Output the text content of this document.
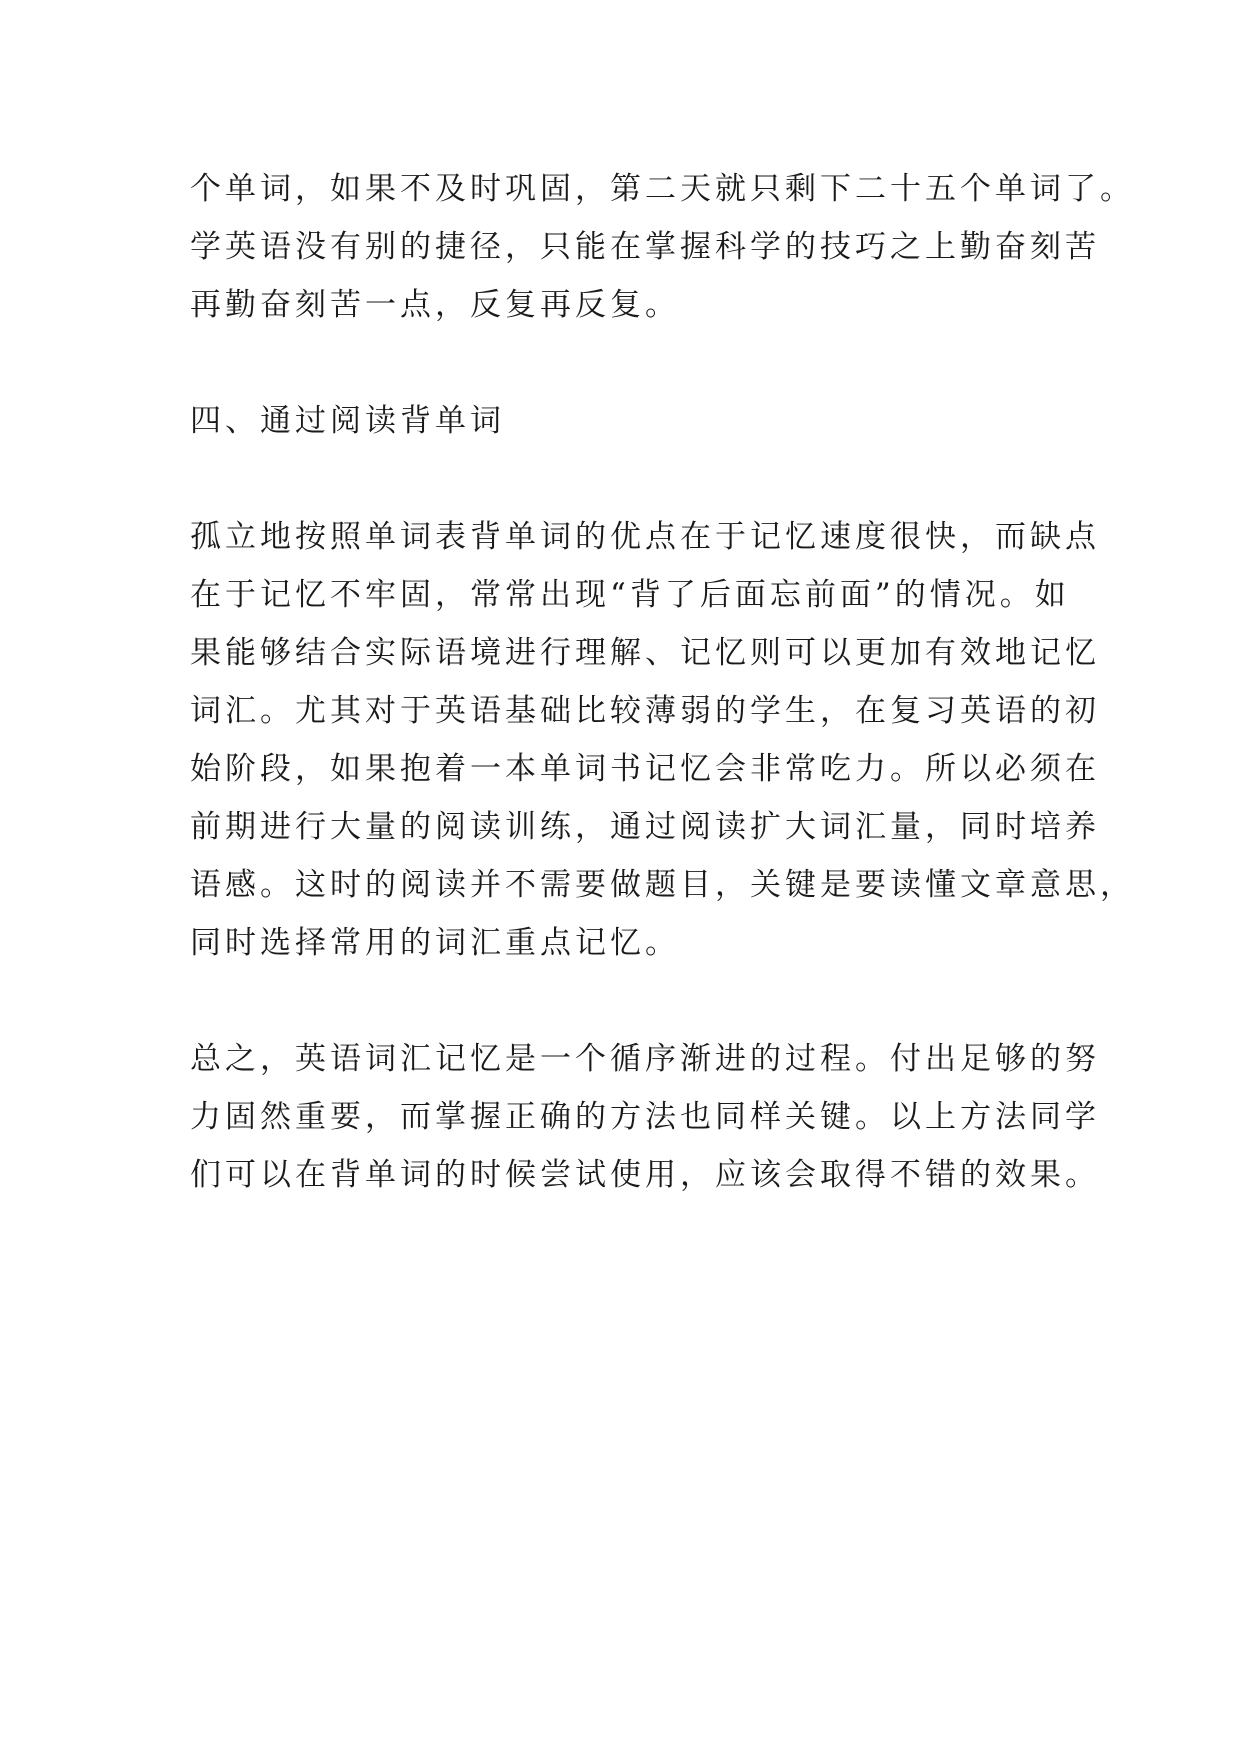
个单词，如果不及时巩固，第二天就只剩下二十五个单词了。
学英语没有别的捷径，只能在掌握科学的技巧之上勤奋刻苦
再勤奋刻苦一点，反复再反复。
四、通过阅读背单词
孤立地按照单词表背单词的优点在于记忆速度很快，而缺点
在于记忆不牢固，常常出现“背了后面忘前面”的情况。如
果能够结合实际语境进行理解、记忆则可以更加有效地记忆
词汇。尤其对于英语基础比较薄弱的学生，在复习英语的初
始阶段，如果抱着一本单词书记忆会非常吃力。所以必须在
前期进行大量的阅读训练，通过阅读扩大词汇量，同时培养
语感。这时的阅读并不需要做题目，关键是要读懂文章意思，
同时选择常用的词汇重点记忆。
总之，英语词汇记忆是一个循序渐进的过程。付出足够的努
力固然重要，而掌握正确的方法也同样关键。以上方法同学
们可以在背单词的时候尝试使用，应该会取得不错的效果。
